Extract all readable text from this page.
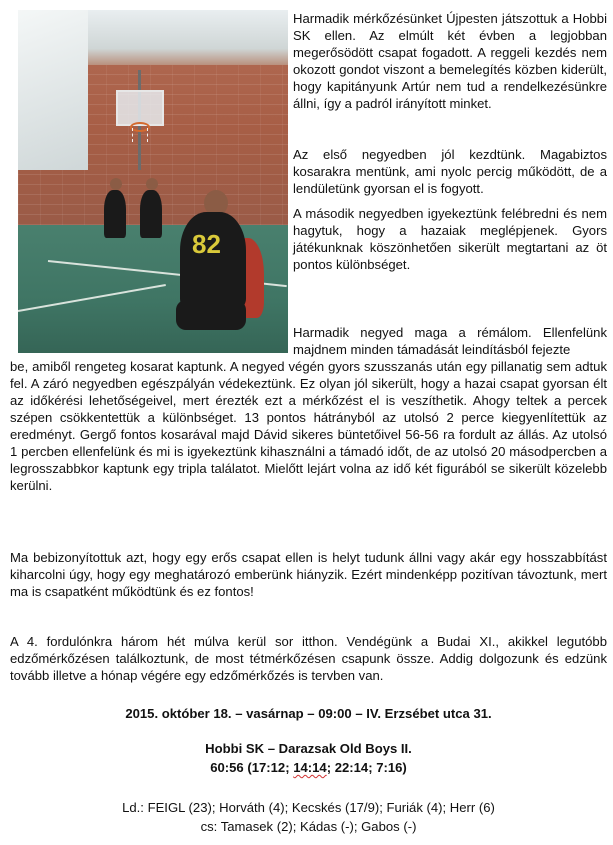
82

Harmadik mérkőzésünket Újpesten játszottuk a Hobbi SK ellen. Az elmúlt két évben a legjobban megerősödött csapat fogadott. A reggeli kezdés nem okozott gondot viszont a bemelegítés közben kiderült, hogy kapitányunk Artúr nem tud a rendelkezésünkre állni, így a padról irányított minket.

Az első negyedben jól kezdtünk. Magabiztos kosarakra mentünk, ami nyolc percig működött, de a lendületünk gyorsan el is fogyott.

A második negyedben igyekeztünk felébredni és nem hagytuk, hogy a hazaiak meglépjenek. Gyors játékunknak köszönhetően sikerült megtartani az öt pontos különbséget.

Harmadik negyed maga a rémálom. Ellenfelünk majdnem minden támadását leindításból fejezte

be, amiből rengeteg kosarat kaptunk. A negyed végén gyors szusszanás után egy pillanatig sem adtuk fel. A záró negyedben egészpályán védekeztünk. Ez olyan jól sikerült, hogy a hazai csapat gyorsan élt az időkérési lehetőségeivel, mert érezték ezt a mérkőzést el is veszíthetik. Ahogy teltek a percek szépen csökkentettük a különbséget. 13 pontos hátrányból az utolsó 2 perce kiegyenlítettük az eredményt. Gergő fontos kosarával majd Dávid sikeres büntetőivel 56-56 ra fordult az állás. Az utolsó 1 percben ellenfelünk és mi is igyekeztünk kihasználni a támadó időt, de az utolsó 20 másodpercben a legrosszabbkor kaptunk egy tripla találatot. Mielőtt lejárt volna az idő két figurából se sikerült közelebb kerülni.

Ma bebizonyítottuk azt, hogy egy erős csapat ellen is helyt tudunk állni vagy akár egy hosszabbítást kiharcolni úgy, hogy egy meghatározó emberünk hiányzik. Ezért mindenképp pozitívan távoztunk, mert ma is csapatként működtünk és ez fontos!

A 4. fordulónkra három hét múlva kerül sor itthon. Vendégünk a Budai XI., akikkel legutóbb edzőmérkőzésen találkoztunk, de most tétmérkőzésen csapunk össze. Addig dolgozunk és edzünk tovább illetve a hónap végére egy edzőmérkőzés is tervben van.

2015. október 18. – vasárnap – 09:00 – IV. Erzsébet utca 31.

Hobbi SK – Darazsak Old Boys II.

60:56 (17:12; 14:14; 22:14; 7:16)

Ld.: FEIGL (23); Horváth (4); Kecskés (17/9); Furiák (4); Herr (6)

cs: Tamasek (2); Kádas (-); Gabos (-)
